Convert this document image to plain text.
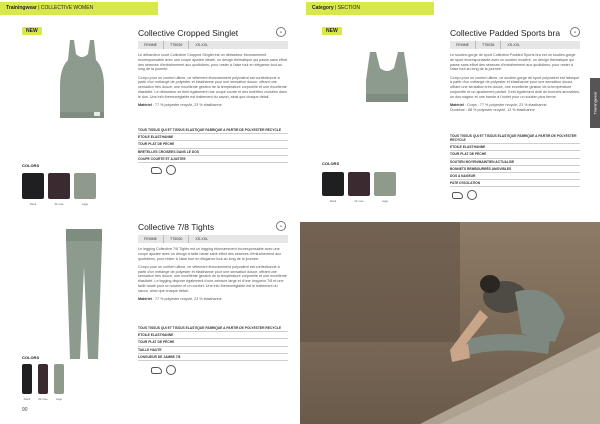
Trainingwear | COLLECTIVE WOMEN
NEW	Collective Cropped Singlet	♻
FEMME	TT6039	XS-XXL

Le débardeur court Collective Cropped Singlet est un débardeur étonnamment écoresponsable avec une coupe ajustée idéale, un design thématique qui passe sans effort des séances d'entraînement aux quotidiens, pour rester à l'aise tout en élégance tout au long de la journée.

Conçu pour un confort ultime, ce vêtement étonnamment polyvalent est confectionné à partir d'un mélange de polyester et élasthanne pour une sensation douce, offrant une sensation très douce, une excellente gestion de la température corporelle et une excellente élasticité. Le débardeur se tient également une coupe courte et des bretelles croisées dans le dos. Une info thermoréglable est traitement du savon, ainsi que chaque détail.

Matériel : 77 % polyester recyclé, 23 % élasthanne

TOUS TISSUS QUI ET TISSUS ELASTIQUE FABRIQUE A PARTIR DE POLYESTER RECYCLE
ETOILE ELASTHANNE
TOUR PLAT DE PÉCHE
BRETELLES CROISEES DANS LE DOS
COUPE COURTE ET AJUSTEE
COLORS
black	dk rose	sage
Collective 7/8 Tights	♻
FEMME	TT6030	XS-XXL

Le legging Collective 7/8 Tights est un legging étonnamment écoresponsable avec une coupe ajustée avec un design à taille haute sans effort des séances d'entraînement aux quotidiens, pour rester à l'aise tout en élégance tout au long de la journée.

Conçu pour un confort ultime, ce vêtement étonnamment polyvalent est confectionné à partir d'un mélange de polyester et élasthanne pour une sensation douce, offrant une sensation très douce, une excellente gestion de la température corporelle et une excellente élasticité. Le legging dispose également d'une ceinture large et d'une longueur 7/8 et une taille haute pour un soutien et un confort. Une info thermoréglable est le traitement du savon, ainsi que chaque détail.

Matériel : 77 % polyester recyclé, 23 % élasthanne

TOUS TISSUS QUI ET TISSUS ELASTIQUE FABRIQUE A PARTIR DE POLYESTER RECYCLE
ETOILE ELASTHANNE
TOUR PLAT DE PÉCHE
TAILLE HAUTE
LONGUEUR DE JAMBE 7/8
COLORS
black	dk rose	sage
90
Category | SECTION
Trainingwear
NEW	Collective Padded Sports bra	♻
FEMME	TT6038	XS-XXL

Le soutien-gorge de sport Collective Padded Sports bra est un soutien-gorge de sport écoresponsable avec un soutien modéré, un design thématique qui passe sans effort des séances d'entraînement aux quotidiens, pour rester à l'aise tout au long de la journée.

Conçu pour un confort ultime, ce soutien-gorge de sport polyvalent est fabriqué à partir d'un mélange de polyester et élasthanne pour une sensation douce, offrant une sensation très douce, une excellente gestion de la température corporelle et un ajustement parfait. Il est également doté de bonnets amovibles, un dos nageur et une bande à l'ourlet pour un soutien plus ferme.

Matériel : Corps : 77 % polyester recyclé, 23 % élasthanne
Doublure : 88 % polyester recyclé, 12 % élasthanne

TOUS TISSUS QUI ET TISSUS ELASTIQUE FABRIQUE A PARTIR DE POLYESTER RECYCLE
ETOILE ELASTHANNE
TOUR PLAT DE PÉCHE
SOUTIEN MOYEN/MAINTIEN ACTUALISE
BONNETS REMBOURRÉS AMOVIBLES
DOS A NAGEUR
PATE D'ISOLATION
COLORS
black	dk rose	sage
